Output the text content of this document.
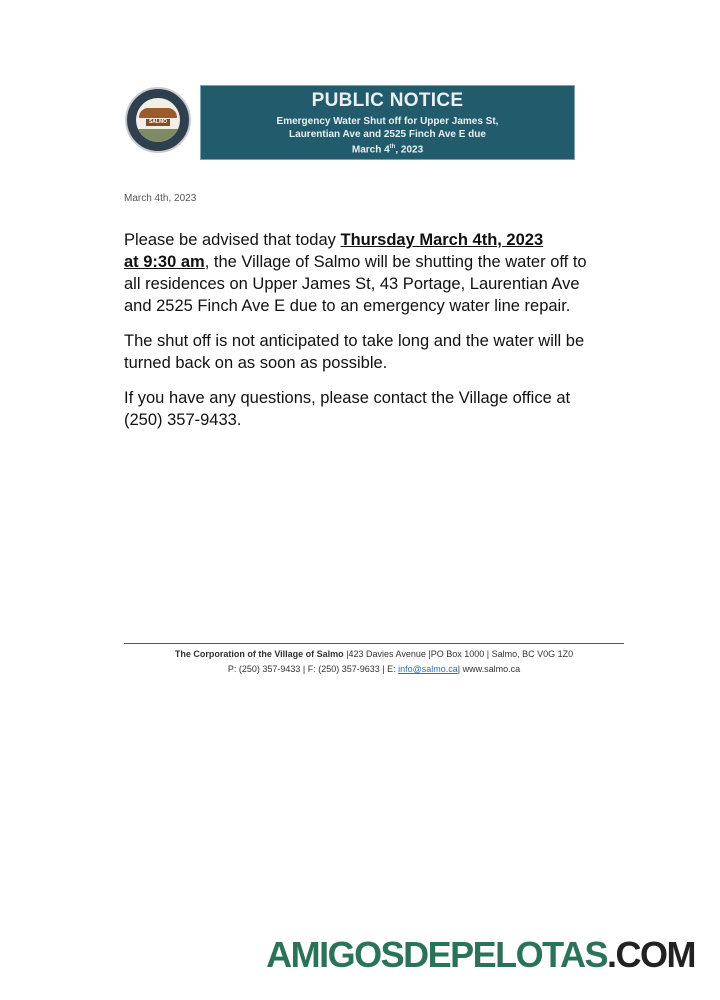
SALMO
PUBLIC NOTICE
Emergency Water Shut off for Upper James St,
Laurentian Ave and 2525 Finch Ave E due
March 4th, 2023
March 4th, 2023

Please be advised that today Thursday March 4th, 2023
at 9:30 am, the Village of Salmo will be shutting the water off to all residences on Upper James St, 43 Portage, Laurentian Ave and 2525 Finch Ave E due to an emergency water line repair.

The shut off is not anticipated to take long and the water will be turned back on as soon as possible.

If you have any questions, please contact the Village office at (250) 357-9433.

The Corporation of the Village of Salmo |423 Davies Avenue |PO Box 1000 | Salmo, BC V0G 1Z0
P: (250) 357-9433 | F: (250) 357-9633 | E: info@salmo.ca| www.salmo.ca
AMIGOSDEPELOTAS.COM
